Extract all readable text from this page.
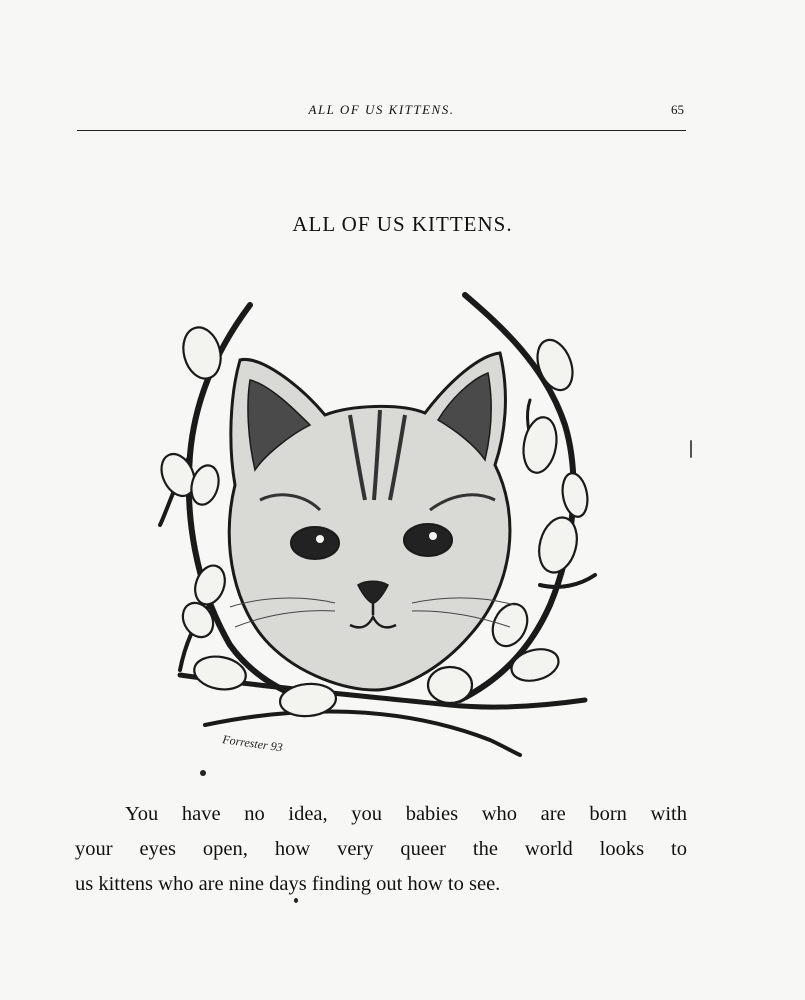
ALL OF US KITTENS.	65
ALL OF US KITTENS.
Forrester 93
You have no idea, you babies who are born with
your eyes open, how very queer the world looks to
us kittens who are nine days finding out how to see.
